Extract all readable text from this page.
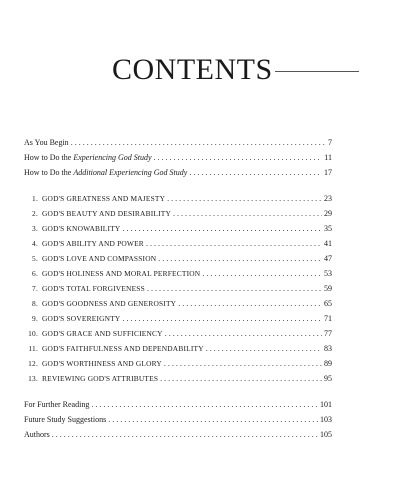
CONTENTS
As You Begin . . .	7
How to Do the Experiencing God Study . . .	11
How to Do the Additional Experiencing God Study . . .	17
1. GOD'S GREATNESS AND MAJESTY . . .	23
2. GOD'S BEAUTY AND DESIRABILITY . . .	29
3. GOD'S KNOWABILITY . . .	35
4. GOD'S ABILITY AND POWER . . .	41
5. GOD'S LOVE AND COMPASSION . . .	47
6. GOD'S HOLINESS AND MORAL PERFECTION . . .	53
7. GOD'S TOTAL FORGIVENESS . . .	59
8. GOD'S GOODNESS AND GENEROSITY . . .	65
9. GOD'S SOVEREIGNTY . . .	71
10. GOD'S GRACE AND SUFFICIENCY . . .	77
11. GOD'S FAITHFULNESS AND DEPENDABILITY . . .	83
12. GOD'S WORTHINESS AND GLORY . . .	89
13. REVIEWING GOD'S ATTRIBUTES . . .	95
For Further Reading . . .	101
Future Study Suggestions . . .	103
Authors . . .	105
